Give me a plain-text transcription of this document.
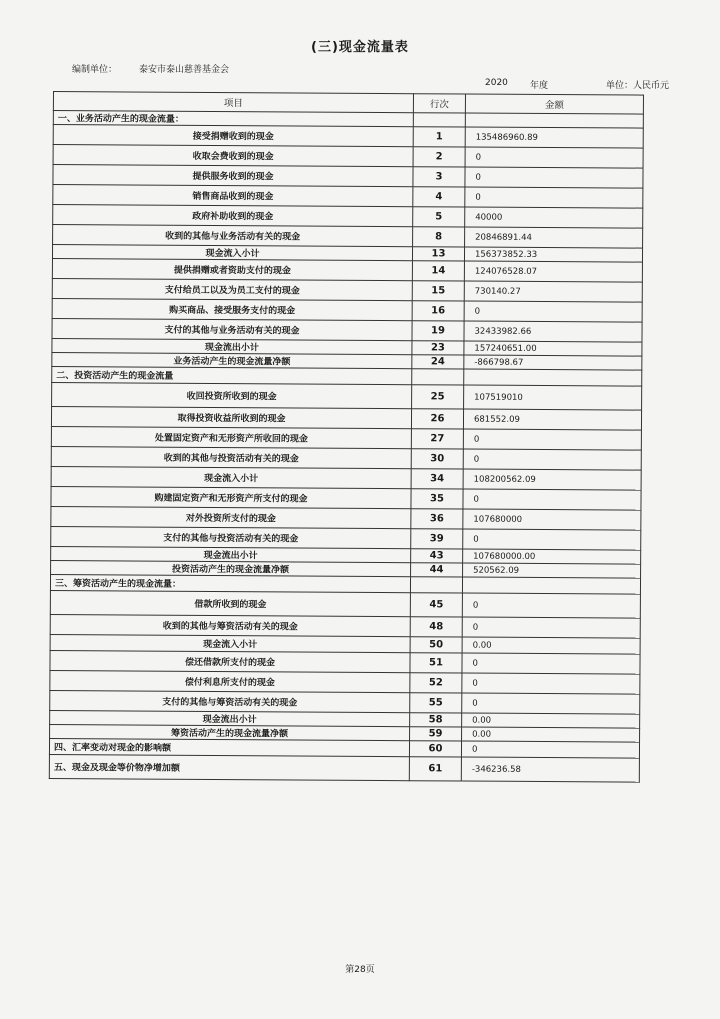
(三)现金流量表
编制单位： 泰安市泰山慈善基金会
2020 年度	单位：人民币元
项目	行次	金额
一、业务活动产生的现金流量：		
接受捐赠收到的现金	1	135486960.89
收取会费收到的现金	2	0
提供服务收到的现金	3	0
销售商品收到的现金	4	0
政府补助收到的现金	5	40000
收到的其他与业务活动有关的现金	8	20846891.44
现金流入小计	13	156373852.33
提供捐赠或者资助支付的现金	14	124076528.07
支付给员工以及为员工支付的现金	15	730140.27
购买商品、接受服务支付的现金	16	0
支付的其他与业务活动有关的现金	19	32433982.66
现金流出小计	23	157240651.00
业务活动产生的现金流量净额	24	-866798.67
二、投资活动产生的现金流量		
收回投资所收到的现金	25	107519010
取得投资收益所收到的现金	26	681552.09
处置固定资产和无形资产所收回的现金	27	0
收到的其他与投资活动有关的现金	30	0
现金流入小计	34	108200562.09
购建固定资产和无形资产所支付的现金	35	0
对外投资所支付的现金	36	107680000
支付的其他与投资活动有关的现金	39	0
现金流出小计	43	107680000.00
投资活动产生的现金流量净额	44	520562.09
三、筹资活动产生的现金流量：		
借款所收到的现金	45	0
收到的其他与筹资活动有关的现金	48	0
现金流入小计	50	0.00
偿还借款所支付的现金	51	0
偿付利息所支付的现金	52	0
支付的其他与筹资活动有关的现金	55	0
现金流出小计	58	0.00
筹资活动产生的现金流量净额	59	0.00
四、汇率变动对现金的影响额	60	0
五、现金及现金等价物净增加额	61	-346236.58
第28页
